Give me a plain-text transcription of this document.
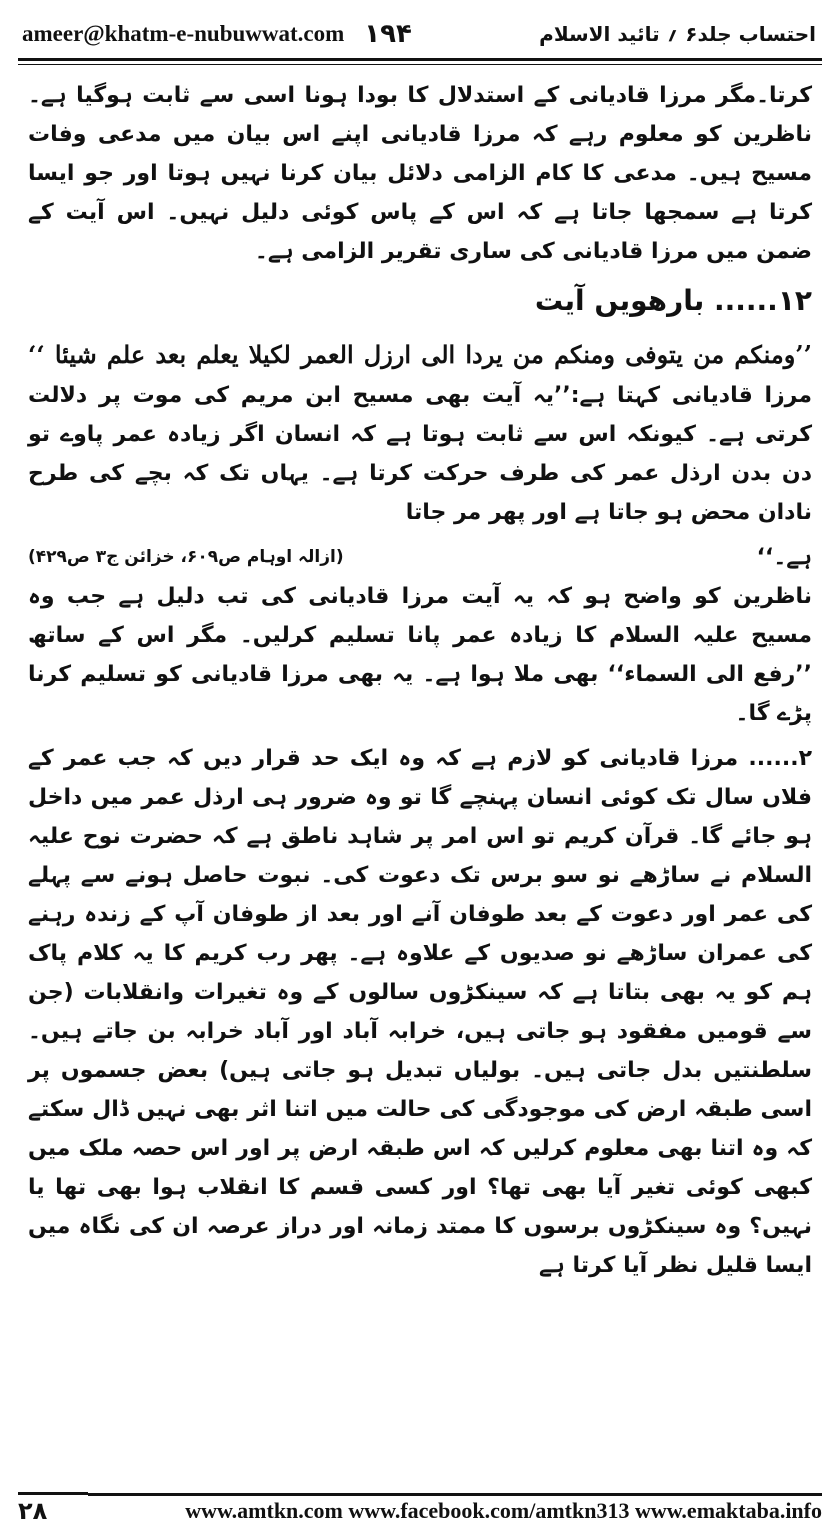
ameer@khatm-e-nubuwwat.com ۱۹۴	احتساب جلد۶ ؍ تائید الاسلام

کرتا۔مگر مرزا قادیانی کے استدلال کا بودا ہونا اسی سے ثابت ہوگیا ہے۔ ناظرین کو معلوم رہے کہ مرزا قادیانی اپنے اس بیان میں مدعی وفات مسیح ہیں۔ مدعی کا کام الزامی دلائل بیان کرنا نہیں ہوتا اور جو ایسا کرتا ہے سمجھا جاتا ہے کہ اس کے پاس کوئی دلیل نہیں۔ اس آیت کے ضمن میں مرزا قادیانی کی ساری تقریر الزامی ہے۔

۱۲...... بارھویں آیت

’’ومنکم من یتوفی ومنکم من یردا الی ارزل العمر لکیلا یعلم بعد علم شیئا ‘‘ مرزا قادیانی کہتا ہے:’’یہ آیت بھی مسیح ابن مریم کی موت پر دلالت کرتی ہے۔ کیونکہ اس سے ثابت ہوتا ہے کہ انسان اگر زیادہ عمر پاوے تو دن بدن ارذل عمر کی طرف حرکت کرتا ہے۔ یہاں تک کہ بچے کی طرح نادان محض ہو جاتا ہے اور پھر مر جاتا

ہے۔‘‘
(ازالہ اوہام ص۶۰۹، خزائن ج۳ ص۴۲۹)

ناظرین کو واضح ہو کہ یہ آیت مرزا قادیانی کی تب دلیل ہے جب وہ مسیح علیہ السلام کا زیادہ عمر پانا تسلیم کرلیں۔ مگر اس کے ساتھ ’’رفع الی السماء‘‘ بھی ملا ہوا ہے۔ یہ بھی مرزا قادیانی کو تسلیم کرنا پڑے گا۔

۲...... مرزا قادیانی کو لازم ہے کہ وہ ایک حد قرار دیں کہ جب عمر کے فلاں سال تک کوئی انسان پہنچے گا تو وہ ضرور ہی ارذل عمر میں داخل ہو جائے گا۔ قرآن کریم تو اس امر پر شاہد ناطق ہے کہ حضرت نوح علیہ السلام نے ساڑھے نو سو برس تک دعوت کی۔ نبوت حاصل ہونے سے پہلے کی عمر اور دعوت کے بعد طوفان آنے اور بعد از طوفان آپ کے زندہ رہنے کی عمران ساڑھے نو صدیوں کے علاوہ ہے۔ پھر رب کریم کا یہ کلام پاک ہم کو یہ بھی بتاتا ہے کہ سینکڑوں سالوں کے وہ تغیرات وانقلابات (جن سے قومیں مفقود ہو جاتی ہیں، خرابہ آباد اور آباد خرابہ بن جاتے ہیں۔ سلطنتیں بدل جاتی ہیں۔ بولیاں تبدیل ہو جاتی ہیں) بعض جسموں پر اسی طبقہ ارض کی موجودگی کی حالت میں اتنا اثر بھی نہیں ڈال سکتے کہ وہ اتنا بھی معلوم کرلیں کہ اس طبقہ ارض پر اور اس حصہ ملک میں کبھی کوئی تغیر آیا بھی تھا؟ اور کسی قسم کا انقلاب ہوا بھی تھا یا نہیں؟ وہ سینکڑوں برسوں کا ممتد زمانہ اور دراز عرصہ ان کی نگاہ میں ایسا قلیل نظر آیا کرتا ہے

۲۸	www.amtkn.com www.facebook.com/amtkn313 www.emaktaba.info
